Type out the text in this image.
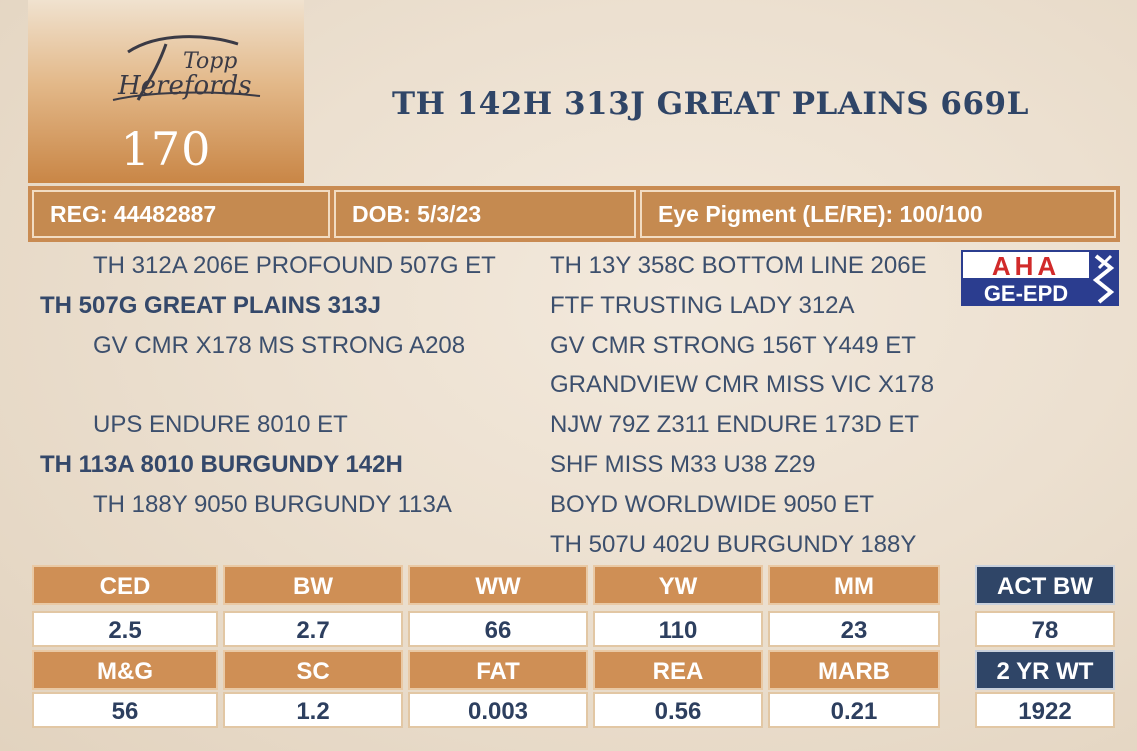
Topp
Herefords
170
TH 142H 313J GREAT PLAINS 669L
REG: 44482887	DOB: 5/3/23	Eye Pigment (LE/RE): 100/100
TH 312A 206E PROFOUND 507G ET
TH 507G GREAT PLAINS 313J
GV CMR X178 MS STRONG A208
UPS ENDURE 8010 ET
TH 113A 8010 BURGUNDY 142H
TH 188Y 9050 BURGUNDY 113A
TH 13Y 358C BOTTOM LINE 206E
FTF TRUSTING LADY 312A
GV CMR STRONG 156T Y449 ET
GRANDVIEW CMR MISS VIC X178
NJW 79Z Z311 ENDURE 173D ET
SHF MISS M33 U38 Z29
BOYD WORLDWIDE 9050 ET
TH 507U 402U BURGUNDY 188Y
AHA
GE-EPD
CED	BW	WW	YW	MM
2.5	2.7	66	110	23
M&G	SC	FAT	REA	MARB
56	1.2	0.003	0.56	0.21
ACT BW
78
2 YR WT
1922
